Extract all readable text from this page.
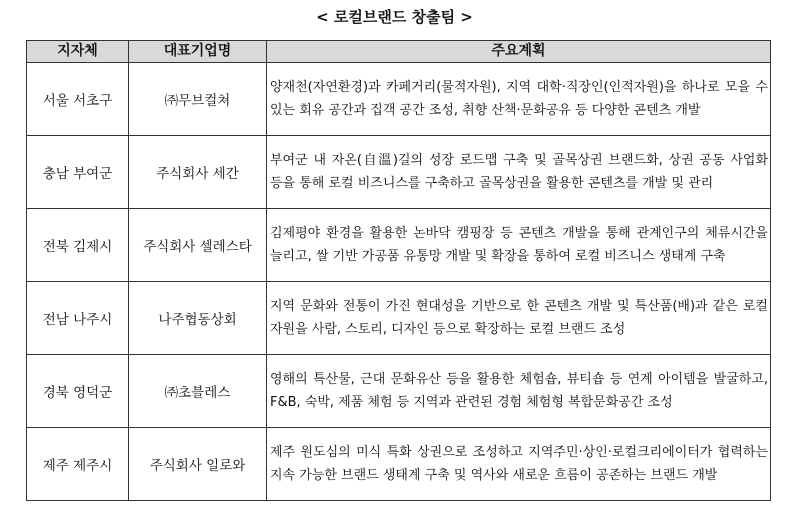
< 로컬브랜드 창출팀 >
지자체	대표기업명	주요계획
서울 서초구	㈜무브컬쳐	양재천(자연환경)과 카페거리(물적자원), 지역 대학·직장인(인적자원)을 하나로 모을 수 있는 회유 공간과 집객 공간 조성, 취향 산책·문화공유 등 다양한 콘텐츠 개발
충남 부여군	주식회사 세간	부여군 내 자온(自溫)길의 성장 로드맵 구축 및 골목상권 브랜드화, 상권 공동 사업화 등을 통해 로컬 비즈니스를 구축하고 골목상권을 활용한 콘텐츠를 개발 및 관리
전북 김제시	주식회사 셀레스타	김제평야 환경을 활용한 논바닥 캠핑장 등 콘텐츠 개발을 통해 관계인구의 체류시간을 늘리고, 쌀 기반 가공품 유통망 개발 및 확장을 통하여 로컬 비즈니스 생태계 구축
전남 나주시	나주협동상회	지역 문화와 전통이 가진 현대성을 기반으로 한 콘텐츠 개발 및 특산품(배)과 같은 로컬 자원을 사람, 스토리, 디자인 등으로 확장하는 로컬 브랜드 조성
경북 영덕군	㈜초블레스	영해의 특산물, 근대 문화유산 등을 활용한 체험숍, 뷰티숍 등 연계 아이템을 발굴하고, F&B, 숙박, 제품 체험 등 지역과 관련된 경험 체험형 복합문화공간 조성
제주 제주시	주식회사 일로와	제주 원도심의 미식 특화 상권으로 조성하고 지역주민·상인·로컬크리에이터가 협력하는 지속 가능한 브랜드 생태계 구축 및 역사와 새로운 흐름이 공존하는 브랜드 개발
